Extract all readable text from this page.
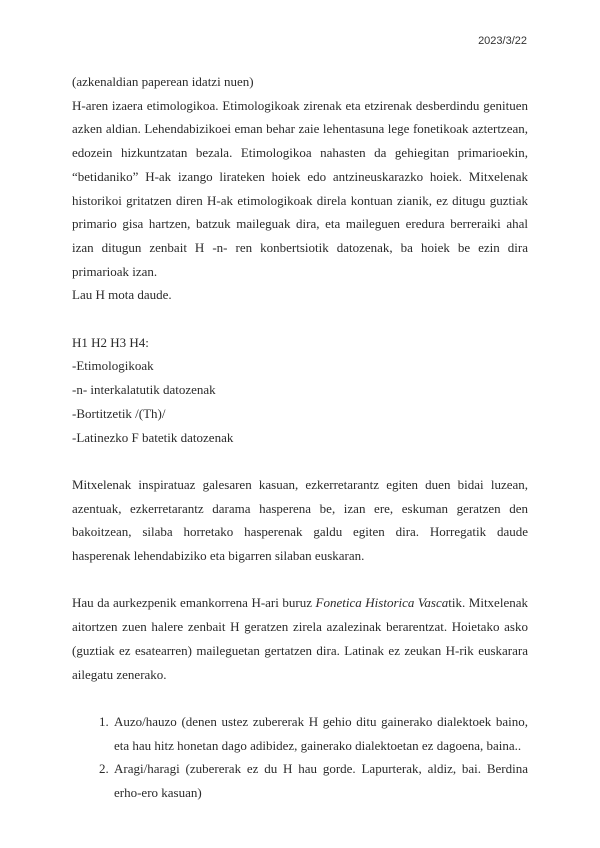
2023/3/22

(azkenaldian paperean idatzi nuen)

H-aren izaera etimologikoa. Etimologikoak zirenak eta etzirenak desberdindu genituen azken aldian. Lehendabizikoei eman behar zaie lehentasuna lege fonetikoak aztertzean, edozein hizkuntzatan bezala. Etimologikoa nahasten da gehiegitan primarioekin, “betidaniko” H-ak izango lirateken hoiek edo antzineuskarazko hoiek. Mitxelenak historikoi gritatzen diren H-ak etimologikoak direla kontuan zianik, ez ditugu guztiak primario gisa hartzen, batzuk maileguak dira, eta maileguen eredura berreraiki ahal izan ditugun zenbait H -n- ren konbertsiotik datozenak, ba hoiek be ezin dira primarioak izan.

Lau H mota daude.

H1 H2 H3 H4:

-Etimologikoak

-n- interkalatutik datozenak

-Bortitzetik /(Th)/

-Latinezko F batetik datozenak

Mitxelenak inspiratuaz galesaren kasuan, ezkerretarantz egiten duen bidai luzean, azentuak, ezkerretarantz darama hasperena be, izan ere, eskuman geratzen den bakoitzean, silaba horretako hasperenak galdu egiten dira. Horregatik daude hasperenak lehendabiziko eta bigarren silaban euskaran.

Hau da aurkezpenik emankorrena H-ari buruz Fonetica Historica Vascatik. Mitxelenak aitortzen zuen halere zenbait H geratzen zirela azalezinak berarentzat. Hoietako asko (guztiak ez esatearren) maileguetan gertatzen dira. Latinak ez zeukan H-rik euskarara ailegatu zenerako.

1. Auzo/hauzo (denen ustez zubererak H gehio ditu gainerako dialektoek baino, eta hau hitz honetan dago adibidez, gainerako dialektoetan ez dagoena, baina..
2. Aragi/haragi (zubererak ez du H hau gorde. Lapurterak, aldiz, bai. Berdina erho-ero kasuan)
